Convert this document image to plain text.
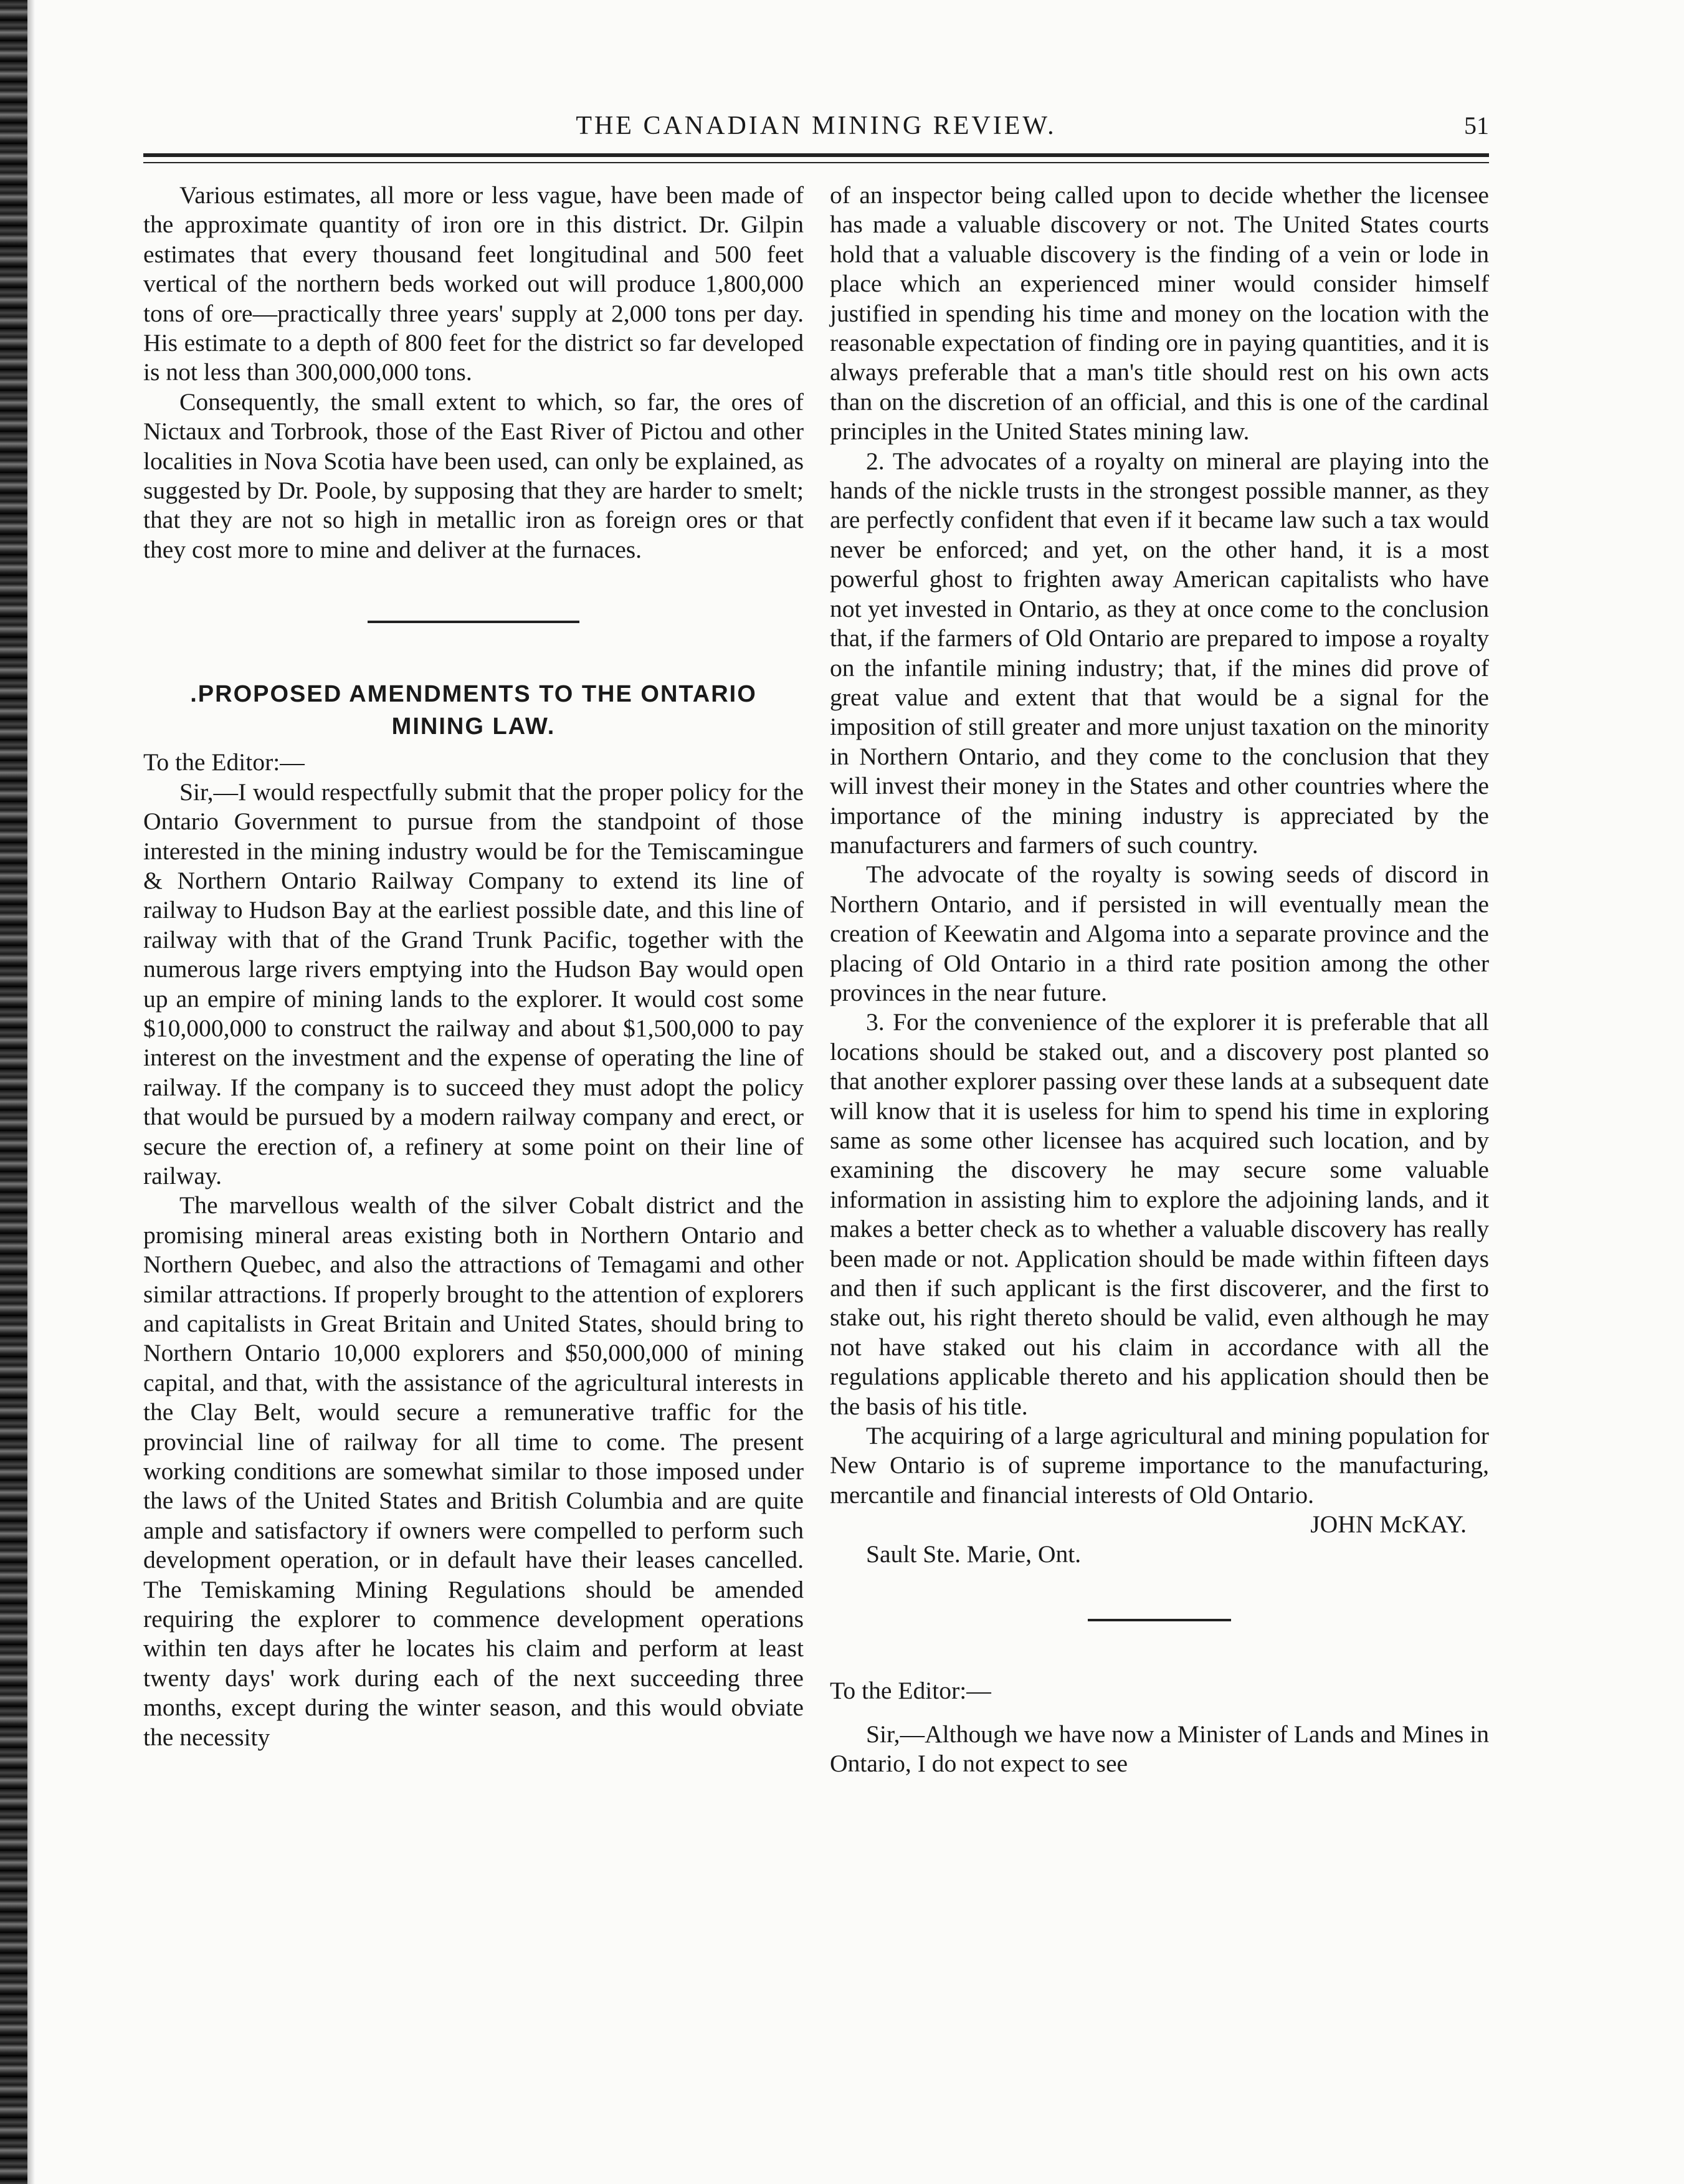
THE CANADIAN MINING REVIEW.	51

Various estimates, all more or less vague, have been made of the approximate quantity of iron ore in this district. Dr. Gilpin estimates that every thousand feet longitudinal and 500 feet vertical of the northern beds worked out will produce 1,800,000 tons of ore—practically three years' supply at 2,000 tons per day. His estimate to a depth of 800 feet for the district so far developed is not less than 300,000,000 tons.

Consequently, the small extent to which, so far, the ores of Nictaux and Torbrook, those of the East River of Pictou and other localities in Nova Scotia have been used, can only be explained, as suggested by Dr. Poole, by supposing that they are harder to smelt; that they are not so high in metallic iron as foreign ores or that they cost more to mine and deliver at the furnaces.

.PROPOSED AMENDMENTS TO THE ONTARIO MINING LAW.

To the Editor:—

Sir,—I would respectfully submit that the proper policy for the Ontario Government to pursue from the standpoint of those interested in the mining industry would be for the Temiscamingue & Northern Ontario Railway Company to extend its line of railway to Hudson Bay at the earliest possible date, and this line of railway with that of the Grand Trunk Pacific, together with the numerous large rivers emptying into the Hudson Bay would open up an empire of mining lands to the explorer. It would cost some $10,000,000 to construct the railway and about $1,500,000 to pay interest on the investment and the expense of operating the line of railway. If the company is to succeed they must adopt the policy that would be pursued by a modern railway company and erect, or secure the erection of, a refinery at some point on their line of railway.

The marvellous wealth of the silver Cobalt district and the promising mineral areas existing both in Northern Ontario and Northern Quebec, and also the attractions of Temagami and other similar attractions. If properly brought to the attention of explorers and capitalists in Great Britain and United States, should bring to Northern Ontario 10,000 explorers and $50,000,000 of mining capital, and that, with the assistance of the agricultural interests in the Clay Belt, would secure a remunerative traffic for the provincial line of railway for all time to come. The present working conditions are somewhat similar to those imposed under the laws of the United States and British Columbia and are quite ample and satisfactory if owners were compelled to perform such development operation, or in default have their leases cancelled. The Temiskaming Mining Regulations should be amended requiring the explorer to commence development operations within ten days after he locates his claim and perform at least twenty days' work during each of the next succeeding three months, except during the winter season, and this would obviate the necessity

of an inspector being called upon to decide whether the licensee has made a valuable discovery or not. The United States courts hold that a valuable discovery is the finding of a vein or lode in place which an experienced miner would consider himself justified in spending his time and money on the location with the reasonable expectation of finding ore in paying quantities, and it is always preferable that a man's title should rest on his own acts than on the discretion of an official, and this is one of the cardinal principles in the United States mining law.

2. The advocates of a royalty on mineral are playing into the hands of the nickle trusts in the strongest possible manner, as they are perfectly confident that even if it became law such a tax would never be enforced; and yet, on the other hand, it is a most powerful ghost to frighten away American capitalists who have not yet invested in Ontario, as they at once come to the conclusion that, if the farmers of Old Ontario are prepared to impose a royalty on the infantile mining industry; that, if the mines did prove of great value and extent that that would be a signal for the imposition of still greater and more unjust taxation on the minority in Northern Ontario, and they come to the conclusion that they will invest their money in the States and other countries where the importance of the mining industry is appreciated by the manufacturers and farmers of such country.

The advocate of the royalty is sowing seeds of discord in Northern Ontario, and if persisted in will eventually mean the creation of Keewatin and Algoma into a separate province and the placing of Old Ontario in a third rate position among the other provinces in the near future.

3. For the convenience of the explorer it is preferable that all locations should be staked out, and a discovery post planted so that another explorer passing over these lands at a subsequent date will know that it is useless for him to spend his time in exploring same as some other licensee has acquired such location, and by examining the discovery he may secure some valuable information in assisting him to explore the adjoining lands, and it makes a better check as to whether a valuable discovery has really been made or not. Application should be made within fifteen days and then if such applicant is the first discoverer, and the first to stake out, his right thereto should be valid, even although he may not have staked out his claim in accordance with all the regulations applicable thereto and his application should then be the basis of his title.

The acquiring of a large agricultural and mining population for New Ontario is of supreme importance to the manufacturing, mercantile and financial interests of Old Ontario.

JOHN McKAY.

Sault Ste. Marie, Ont.

To the Editor:—

Sir,—Although we have now a Minister of Lands and Mines in Ontario, I do not expect to see
